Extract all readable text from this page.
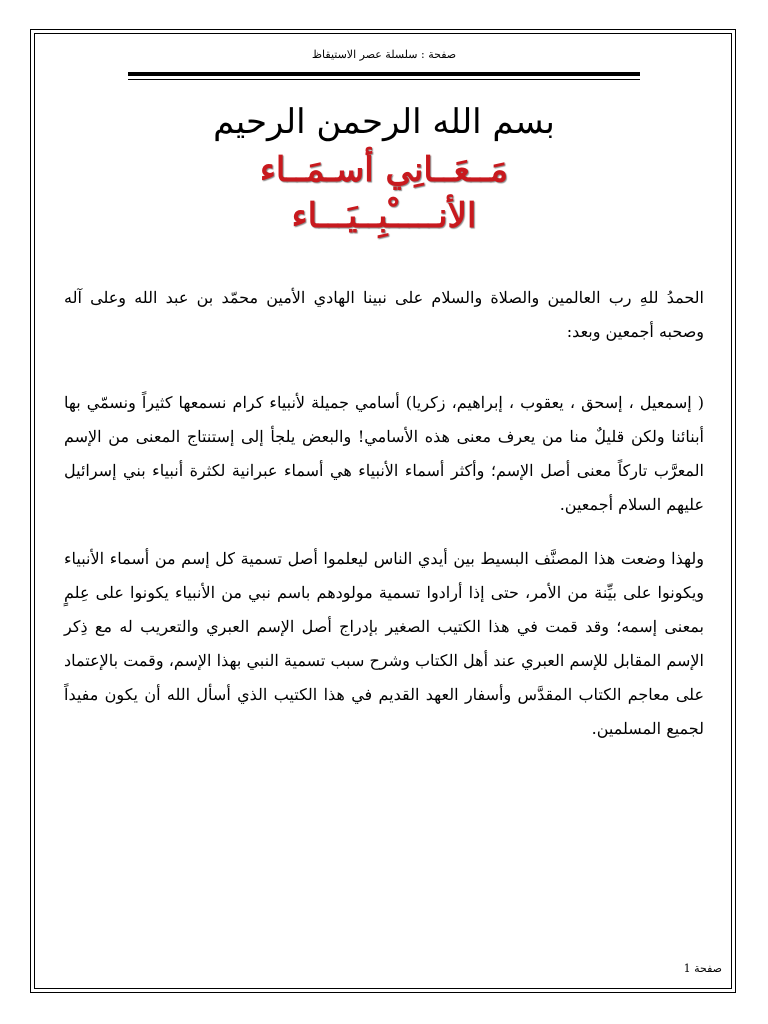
صفحة : سلسلة عصر الاستيقاظ
بسم الله الرحمن الرحيم
مَــعَــانِي أسـمَــاء
الأنـــــْبِــيَـــاء
الحمدُ للهِ رب العالمين والصلاة والسلام على نبينا الهادي الأمين محمّد بن عبد الله وعلى آله وصحبه أجمعين وبعد:
( إسمعيل ، إسحق ، يعقوب ، إبراهيم، زكريا) أسامي جميلة لأنبياء كرام نسمعها كثيراً ونسمّي بها أبنائنا ولكن قليلٌ منا من يعرف معنى هذه الأسامي! والبعض يلجأ إلى إستنتاج المعنى من الإسم المعرَّب تاركاً معنى أصل الإسم؛ وأكثر أسماء الأنبياء هي أسماء عبرانية لكثرة أنبياء بني إسرائيل عليهم السلام أجمعين.
ولهذا وضعت هذا المصنَّف البسيط بين أيدي الناس ليعلموا أصل تسمية كل إسم من أسماء الأنبياء ويكونوا على بيِّنة من الأمر، حتى إذا أرادوا تسمية مولودهم باسم نبي من الأنبياء يكونوا على عِلمٍ بمعنى إسمه؛ وقد قمت في هذا الكتيب الصغير بإدراج أصل الإسم العبري والتعريب له مع ذِكر الإسم المقابل للإسم العبري عند أهل الكتاب وشرح سبب تسمية النبي بهذا الإسم، وقمت بالإعتماد على معاجم الكتاب المقدَّس وأسفار العهد القديم في هذا الكتيب الذي أسأل الله أن يكون مفيداً لجميع المسلمين.
صفحة 1
